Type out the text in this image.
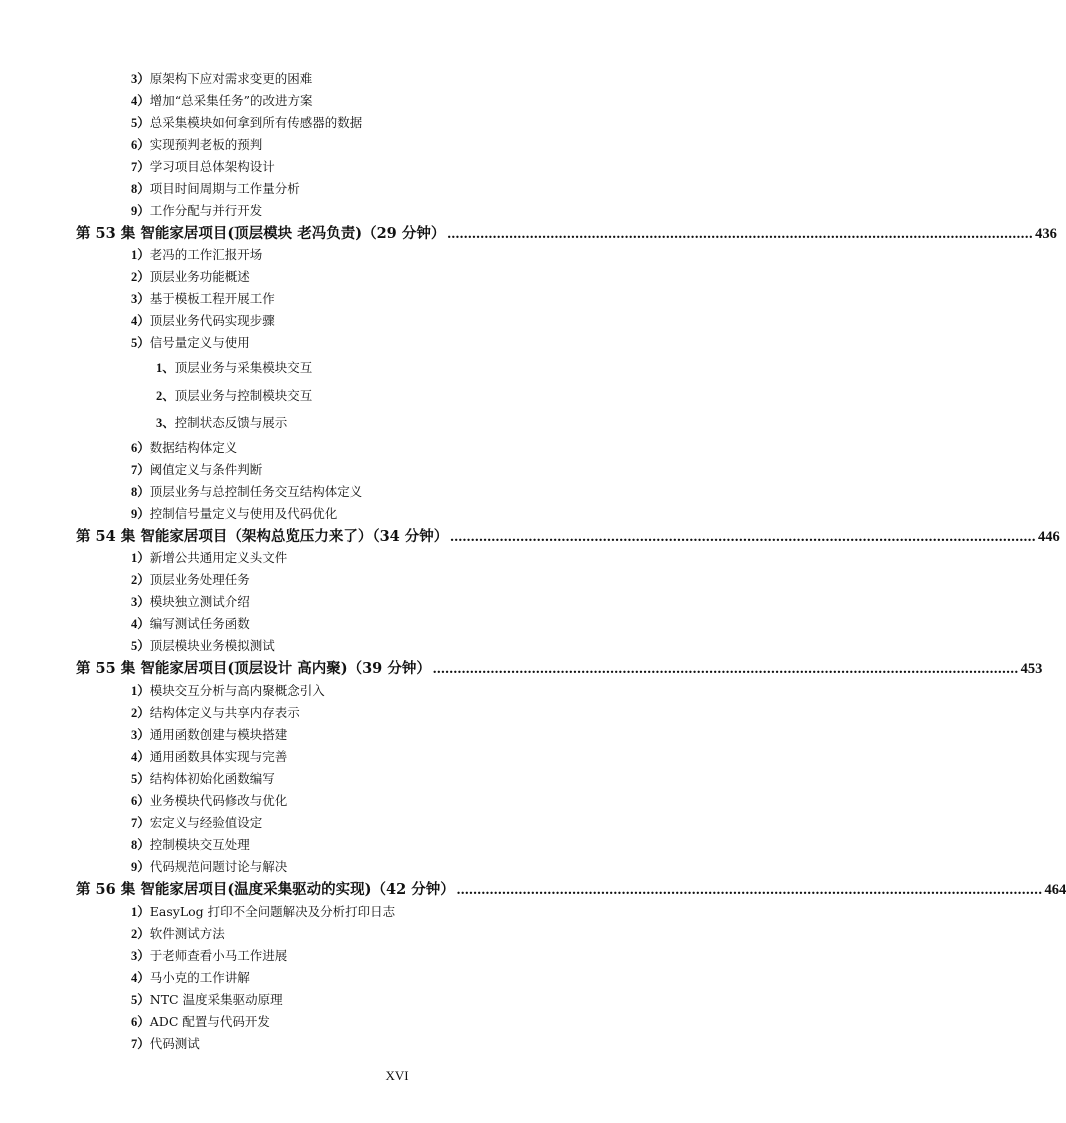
3）原架构下应对需求变更的困难
4）增加“总采集任务”的改进方案
5）总采集模块如何拿到所有传感器的数据
6）实现预判老板的预判
7）学习项目总体架构设计
8）项目时间周期与工作量分析
9）工作分配与并行开发
第 53 集 智能家居项目(顶层模块 老冯负责)（29 分钟） .............................................................................................................................................. 436
1）老冯的工作汇报开场
2）顶层业务功能概述
3）基于模板工程开展工作
4）顶层业务代码实现步骤
5）信号量定义与使用
1、顶层业务与采集模块交互
2、顶层业务与控制模块交互
3、控制状态反馈与展示
6）数据结构体定义
7）阈值定义与条件判断
8）顶层业务与总控制任务交互结构体定义
9）控制信号量定义与使用及代码优化
第 54 集 智能家居项目（架构总览压力来了）（34 分钟） .............................................................................................................................................. 446
1）新增公共通用定义头文件
2）顶层业务处理任务
3）模块独立测试介绍
4）编写测试任务函数
5）顶层模块业务模拟测试
第 55 集 智能家居项目(顶层设计 高内聚)（39 分钟） .............................................................................................................................................. 453
1）模块交互分析与高内聚概念引入
2）结构体定义与共享内存表示
3）通用函数创建与模块搭建
4）通用函数具体实现与完善
5）结构体初始化函数编写
6）业务模块代码修改与优化
7）宏定义与经验值设定
8）控制模块交互处理
9）代码规范问题讨论与解决
第 56 集 智能家居项目(温度采集驱动的实现)（42 分钟） .............................................................................................................................................. 464
1）EasyLog 打印不全问题解决及分析打印日志
2）软件测试方法
3）于老师查看小马工作进展
4）马小克的工作讲解
5）NTC 温度采集驱动原理
6）ADC 配置与代码开发
7）代码测试
XVI
